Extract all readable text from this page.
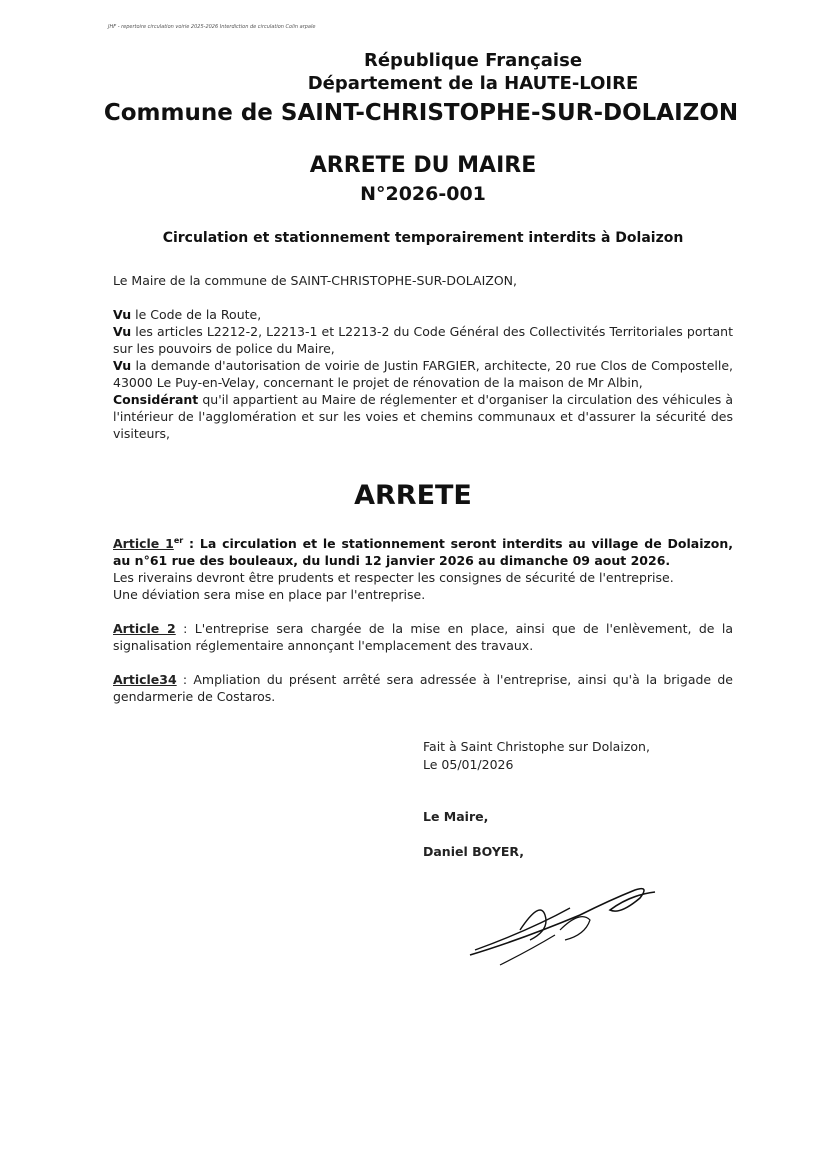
JHF - repertoire circulation voirie 2025-2026 Interdiction de circulation Colin arpale
République Française
Département de la HAUTE-LOIRE
Commune de SAINT-CHRISTOPHE-SUR-DOLAIZON
ARRETE DU MAIRE
N°2026-001
Circulation et stationnement temporairement interdits à Dolaizon

Le Maire de la commune de SAINT-CHRISTOPHE-SUR-DOLAIZON,

Vu le Code de la Route,

Vu les articles L2212-2, L2213-1 et L2213-2 du Code Général des Collectivités Territoriales portant sur les pouvoirs de police du Maire,

Vu la demande d'autorisation de voirie de Justin FARGIER, architecte, 20 rue Clos de Compostelle, 43000 Le Puy-en-Velay, concernant le projet de rénovation de la maison de Mr Albin,

Considérant qu'il appartient au Maire de réglementer et d'organiser la circulation des véhicules à l'intérieur de l'agglomération et sur les voies et chemins communaux et d'assurer la sécurité des visiteurs,

ARRETE

Article 1er : La circulation et le stationnement seront interdits au village de Dolaizon, au n°61 rue des bouleaux, du lundi 12 janvier 2026 au dimanche 09 aout 2026.

Les riverains devront être prudents et respecter les consignes de sécurité de l'entreprise.

Une déviation sera mise en place par l'entreprise.

Article 2 : L'entreprise sera chargée de la mise en place, ainsi que de l'enlèvement, de la signalisation réglementaire annonçant l'emplacement des travaux.

Article34 : Ampliation du présent arrêté sera adressée à l'entreprise, ainsi qu'à la brigade de gendarmerie de Costaros.

Fait à Saint Christophe sur Dolaizon,
Le 05/01/2026
Le Maire,
Daniel BOYER,
